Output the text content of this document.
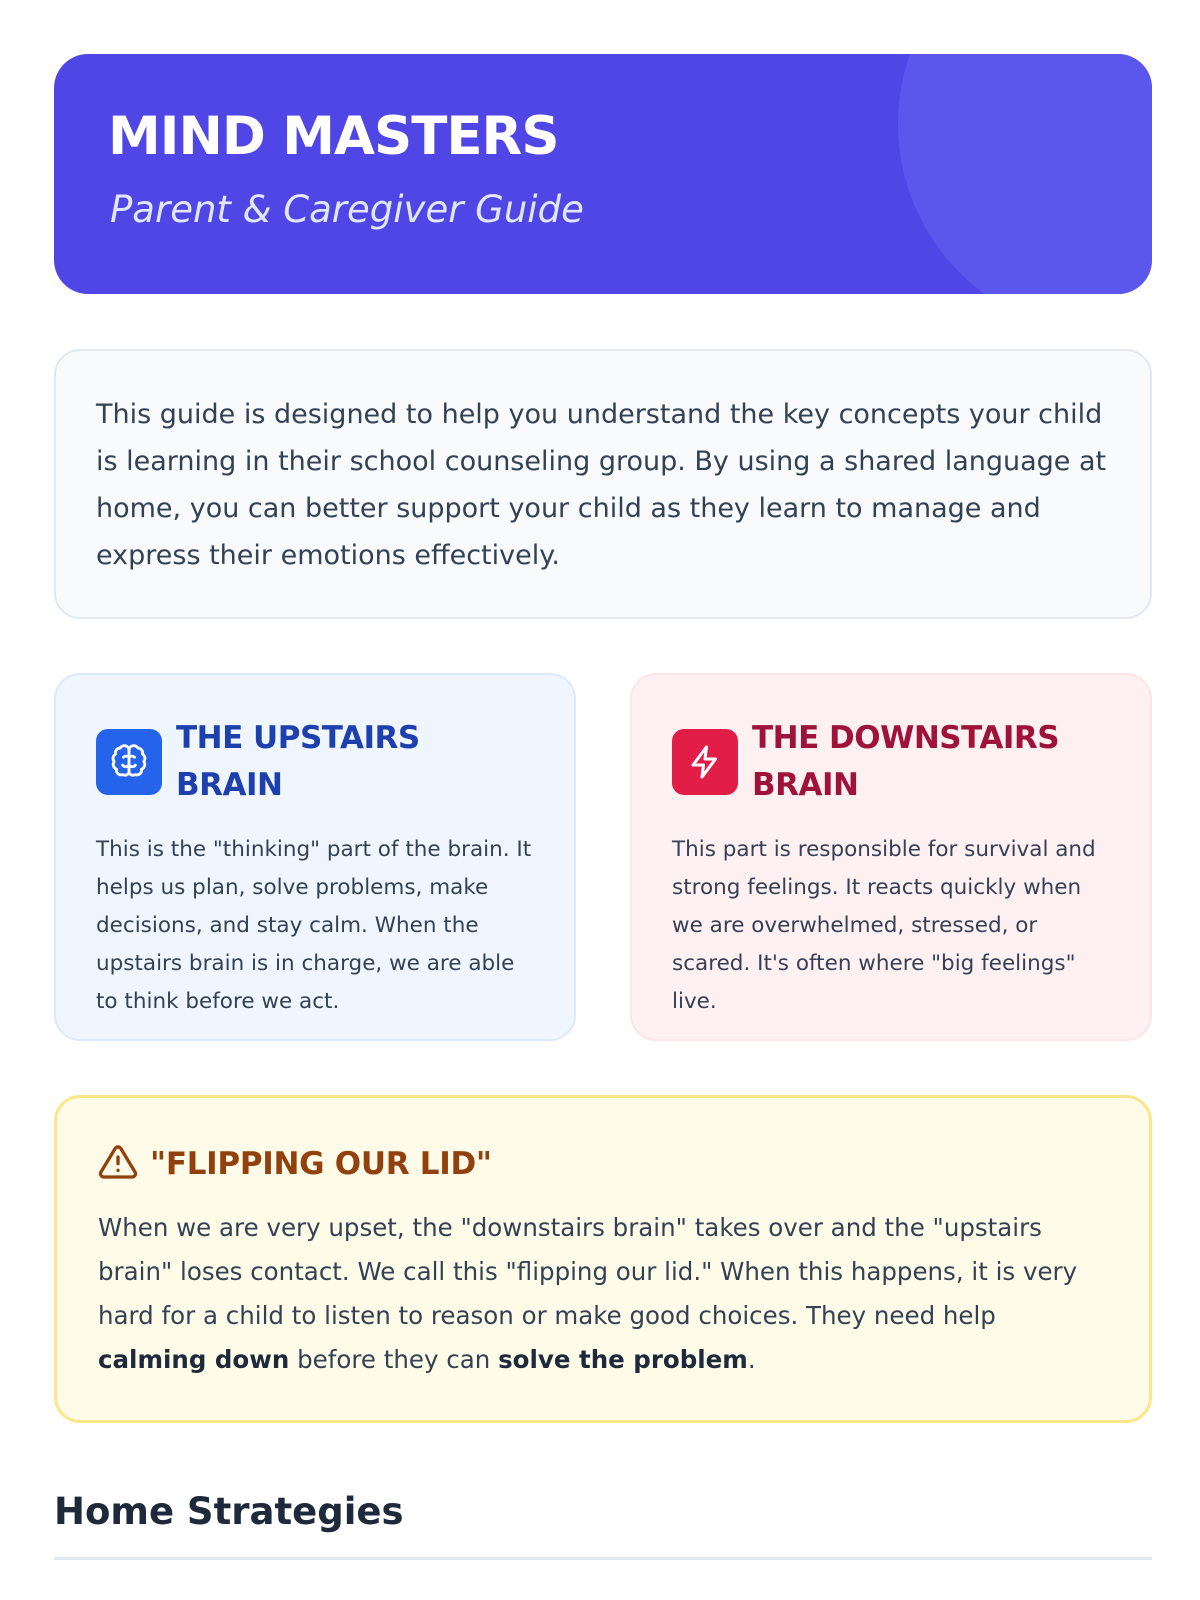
MIND MASTERS
Parent & Caregiver Guide

This guide is designed to help you understand the key concepts your child is learning in their school counseling group. By using a shared language at home, you can better support your child as they learn to manage and express their emotions effectively.

THE UPSTAIRS BRAIN

This is the "thinking" part of the brain. It helps us plan, solve problems, make decisions, and stay calm. When the upstairs brain is in charge, we are able to think before we act.

THE DOWNSTAIRS BRAIN

This part is responsible for survival and strong feelings. It reacts quickly when we are overwhelmed, stressed, or scared. It's often where "big feelings" live.

"FLIPPING OUR LID"

When we are very upset, the "downstairs brain" takes over and the "upstairs brain" loses contact. We call this "flipping our lid." When this happens, it is very hard for a child to listen to reason or make good choices. They need help calming down before they can solve the problem.

Home Strategies
